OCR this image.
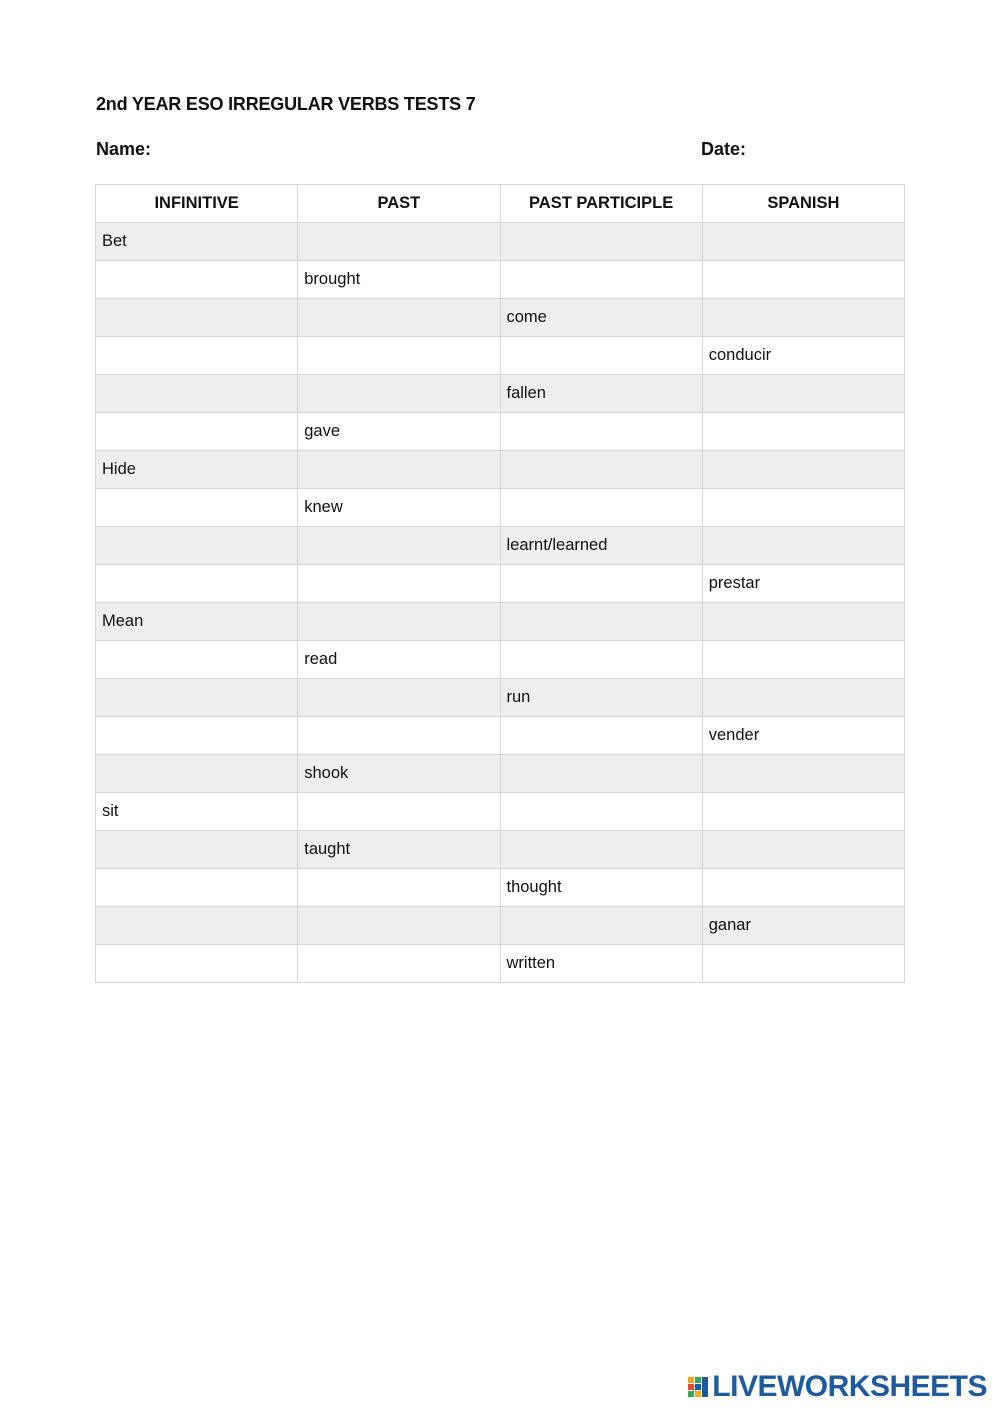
2nd YEAR ESO IRREGULAR VERBS TESTS 7
Name:	Date:
INFINITIVE	PAST	PAST PARTICIPLE	SPANISH
Bet			
	brought		
		come	
			conducir
		fallen	
	gave		
Hide			
	knew		
		learnt/learned	
			prestar
Mean			
	read		
		run	
			vender
	shook		
sit			
	taught		
		thought	
			ganar
		written	
LIVEWORKSHEETS
